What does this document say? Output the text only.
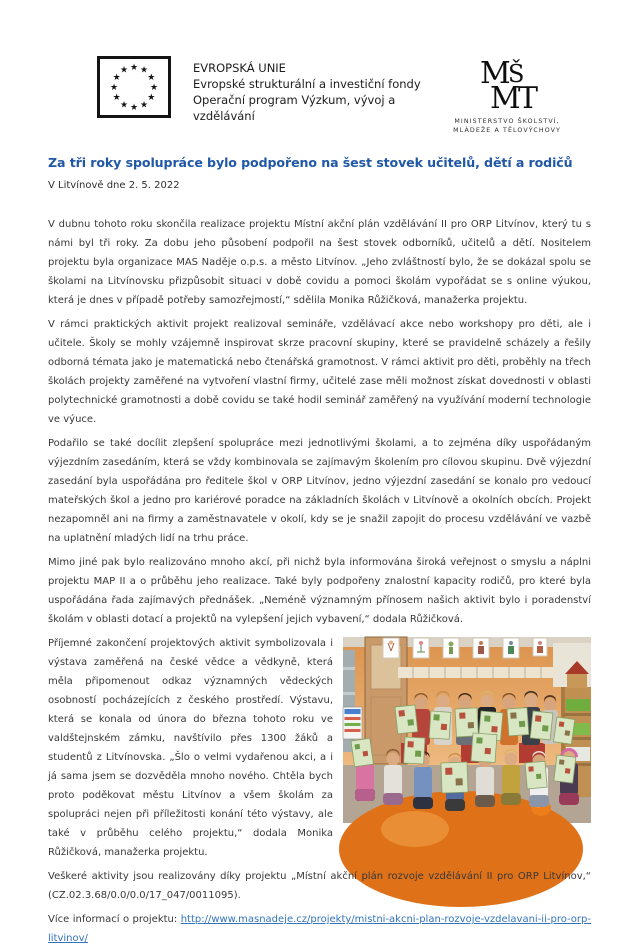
★ ★
★
★
★
★
★
★
★
★
★
★	EVROPSKÁ UNIE
Evropské strukturální a investiční fondy
Operační program Výzkum, vývoj a vzdělávání
M
Š
M
T
MINISTERSTVO ŠKOLSTVÍ,
MLÁDEŽE A TĚLOVÝCHOVY
Za tři roky spolupráce bylo podpořeno na šest stovek učitelů, dětí a rodičů
V Litvínově dne 2. 5. 2022

V dubnu tohoto roku skončila realizace projektu Místní akční plán vzdělávání II pro ORP Litvínov, který tu s námi byl tři roky. Za dobu jeho působení podpořil na šest stovek odborníků, učitelů a dětí. Nositelem projektu byla organizace MAS Naděje o.p.s. a město Litvínov. „Jeho zvláštností bylo, že se dokázal spolu se školami na Litvínovsku přizpůsobit situaci v době covidu a pomoci školám vypořádat se s online výukou, která je dnes v případě potřeby samozřejmostí,“ sdělila Monika Růžičková, manažerka projektu.

V rámci praktických aktivit projekt realizoval semináře, vzdělávací akce nebo workshopy pro děti, ale i učitele. Školy se mohly vzájemně inspirovat skrze pracovní skupiny, které se pravidelně scházely a řešily odborná témata jako je matematická nebo čtenářská gramotnost. V rámci aktivit pro děti, proběhly na třech školách projekty zaměřené na vytvoření vlastní firmy, učitelé zase měli možnost získat dovednosti v oblasti polytechnické gramotnosti a době covidu se také hodil seminář zaměřený na využívání moderní technologie ve výuce.

Podařilo se také docílit zlepšení spolupráce mezi jednotlivými školami, a to zejména díky uspořádaným výjezdním zasedáním, která se vždy kombinovala se zajímavým školením pro cílovou skupinu. Dvě výjezdní zasedání byla uspořádána pro ředitele škol v ORP Litvínov, jedno výjezdní zasedání se konalo pro vedoucí mateřských škol a jedno pro kariérové poradce na základních školách v Litvínově a okolních obcích. Projekt nezapomněl ani na firmy a zaměstnavatele v okolí, kdy se je snažil zapojit do procesu vzdělávání ve vazbě na uplatnění mladých lidí na trhu práce.

Mimo jiné pak bylo realizováno mnoho akcí, při nichž byla informována široká veřejnost o smyslu a náplni projektu MAP II a o průběhu jeho realizace. Také byly podpořeny znalostní kapacity rodičů, pro které byla uspořádána řada zajímavých přednášek. „Neméně významným přínosem našich aktivit bylo i poradenství školám v oblasti dotací a projektů na vylepšení jejich vybavení,“ dodala Růžičková.

Příjemné zakončení projektových aktivit symbolizovala i výstava zaměřená na české vědce a vědkyně, která měla připomenout odkaz významných vědeckých osobností pocházejících z českého prostředí. Výstavu, která se konala od února do března tohoto roku ve valdštejnském zámku, navštívilo přes 1300 žáků a studentů z Litvínovska. „Šlo o velmi vydařenou akci, a i já sama jsem se dozvěděla mnoho nového. Chtěla bych proto poděkovat městu Litvínov a všem školám za spolupráci nejen při příležitosti konání této výstavy, ale také v průběhu celého projektu,“ dodala Monika Růžičková, manažerka projektu.

Veškeré aktivity jsou realizovány díky projektu „Místní akční plán rozvoje vzdělávání II pro ORP Litvínov,“ (CZ.02.3.68/0.0/0.0/17_047/0011095).

Více informací o projektu: http://www.masnadeje.cz/projekty/mistni-akcni-plan-rozvoje-vzdelavani-ii-pro-orp-litvinov/
